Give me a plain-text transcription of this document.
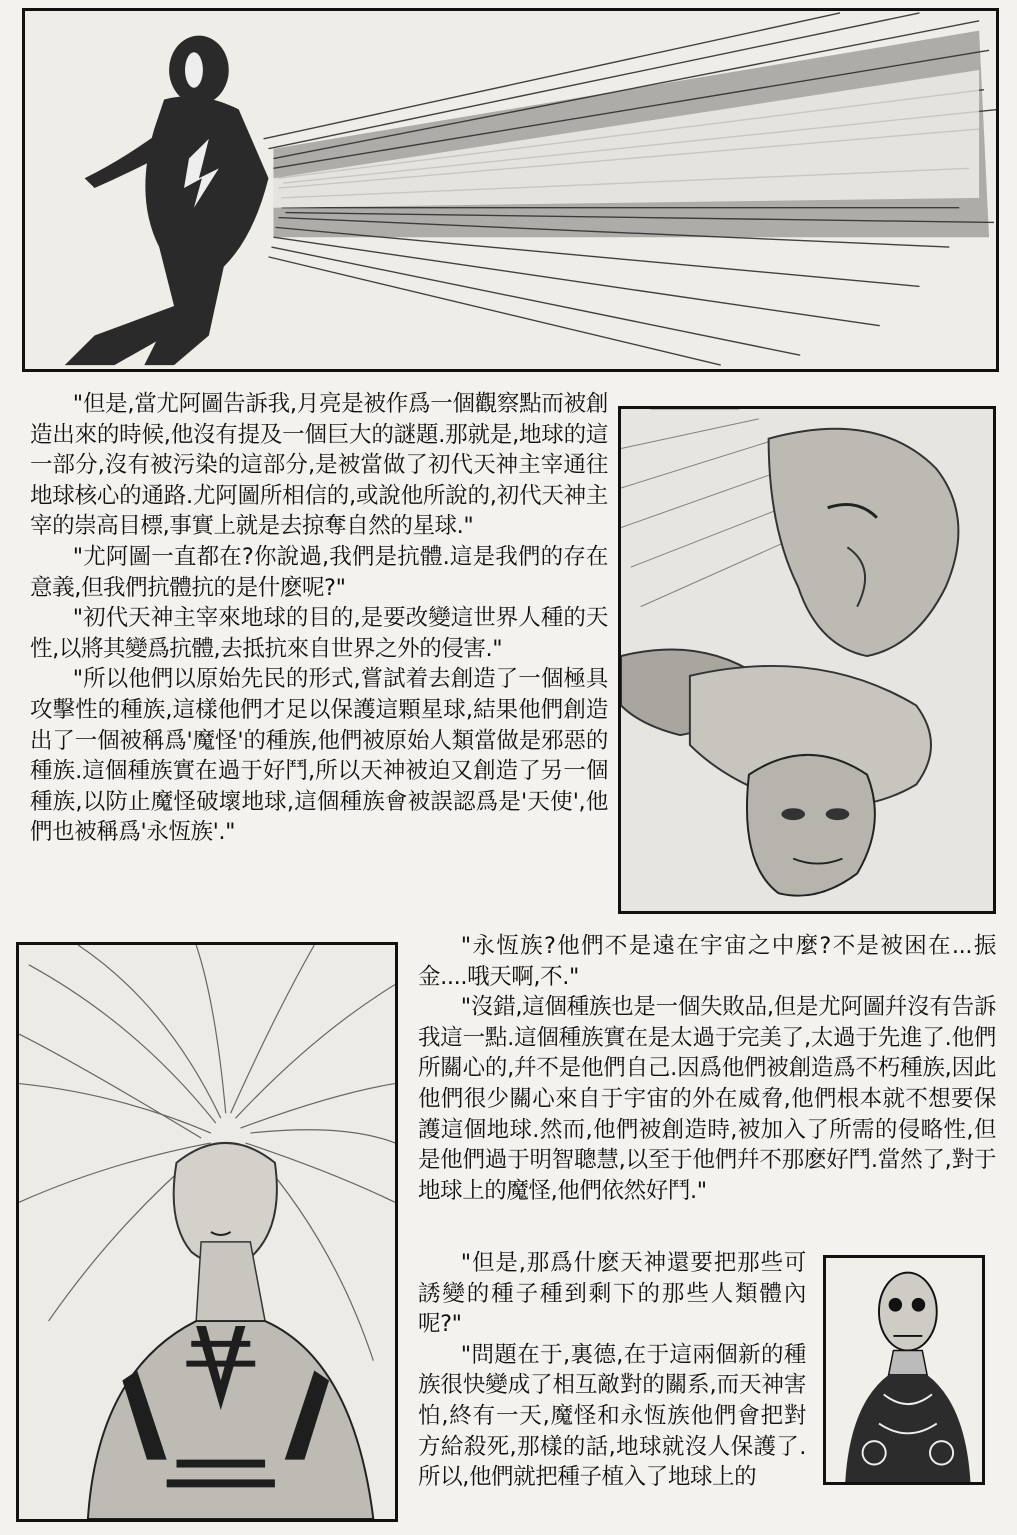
"但是,當尤阿圖告訴我,月亮是被作爲一個觀察點而被創造出來的時候,他沒有提及一個巨大的謎題.那就是,地球的這一部分,沒有被污染的這部分,是被當做了初代天神主宰通往地球核心的通路.尤阿圖所相信的,或說他所說的,初代天神主宰的崇高目標,事實上就是去掠奪自然的星球."

"尤阿圖一直都在?你說過,我們是抗體.這是我們的存在意義,但我們抗體抗的是什麽呢?"

"初代天神主宰來地球的目的,是要改變這世界人種的天性,以將其變爲抗體,去抵抗來自世界之外的侵害."

"所以他們以原始先民的形式,嘗試着去創造了一個極具攻擊性的種族,這樣他們才足以保護這顆星球,結果他們創造出了一個被稱爲'魔怪'的種族,他們被原始人類當做是邪惡的種族.這個種族實在過于好鬥,所以天神被迫又創造了另一個種族,以防止魔怪破壞地球,這個種族會被誤認爲是'天使',他們也被稱爲'永恆族'."

"永恆族?他們不是遠在宇宙之中麼?不是被困在...振金....哦天啊,不."

"沒錯,這個種族也是一個失敗品,但是尤阿圖幷沒有告訴我這一點.這個種族實在是太過于完美了,太過于先進了.他們所關心的,幷不是他們自己.因爲他們被創造爲不朽種族,因此他們很少關心來自于宇宙的外在威脅,他們根本就不想要保護這個地球.然而,他們被創造時,被加入了所需的侵略性,但是他們過于明智聰慧,以至于他們幷不那麽好鬥.當然了,對于地球上的魔怪,他們依然好鬥."

"但是,那爲什麽天神還要把那些可誘變的種子種到剩下的那些人類體內呢?"

"問題在于,裏德,在于這兩個新的種族很快變成了相互敵對的關系,而天神害怕,終有一天,魔怪和永恆族他們會把對方給殺死,那樣的話,地球就沒人保護了.所以,他們就把種子植入了地球上的
